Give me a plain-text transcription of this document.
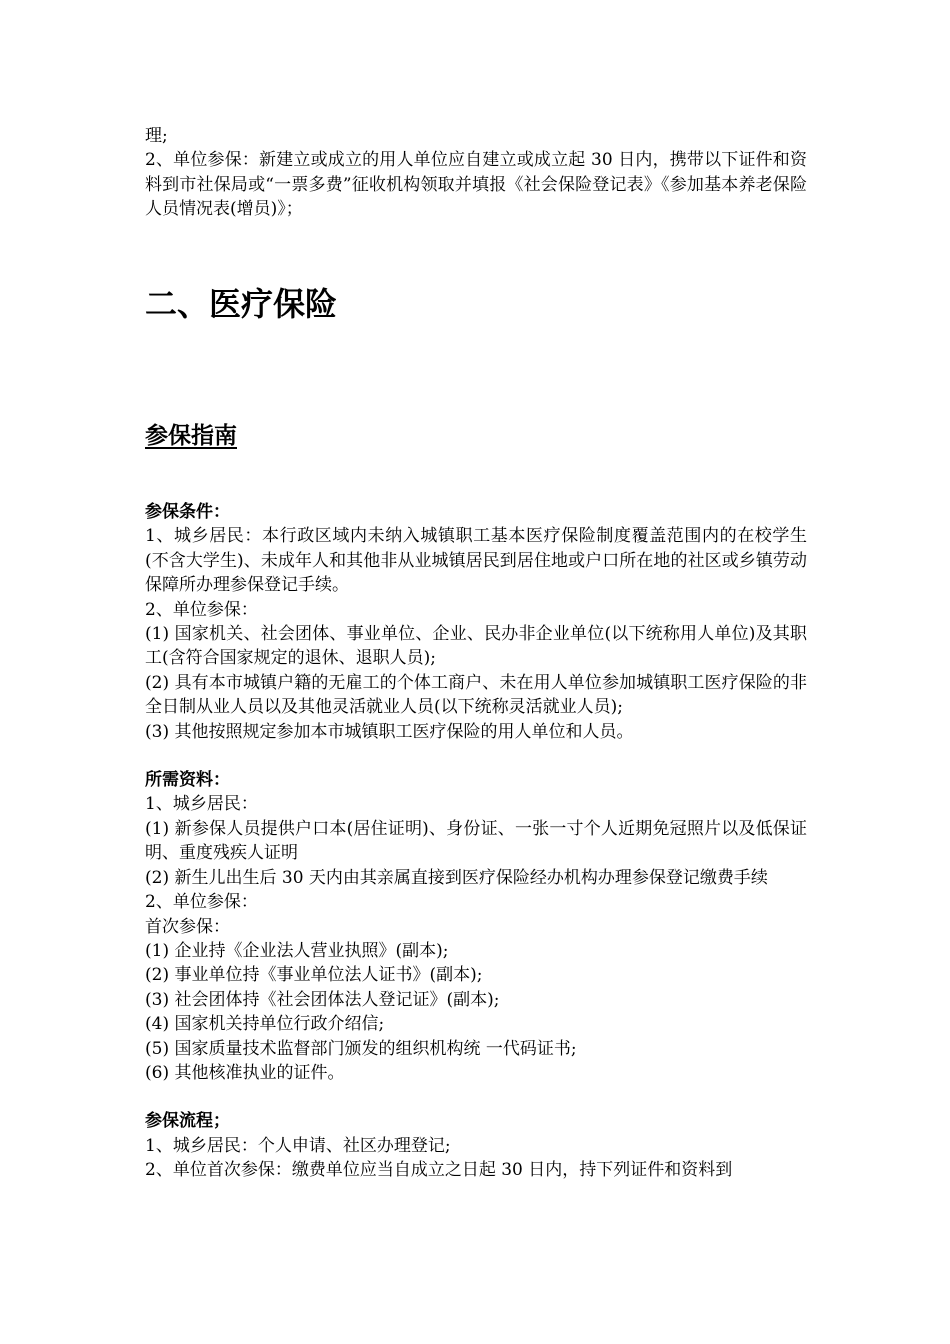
理;

2、单位参保：新建立或成立的用人单位应自建立或成立起 30 日内，携带以下证件和资料到市社保局或“一票多费”征收机构领取并填报《社会保险登记表》《参加基本养老保险人员情况表(增员)》；

二、医疗保险
参保指南

参保条件：

1、城乡居民：本行政区域内未纳入城镇职工基本医疗保险制度覆盖范围内的在校学生(不含大学生)、未成年人和其他非从业城镇居民到居住地或户口所在地的社区或乡镇劳动保障所办理参保登记手续。

2、单位参保：

(1) 国家机关、社会团体、事业单位、企业、民办非企业单位(以下统称用人单位)及其职工(含符合国家规定的退休、退职人员);

(2) 具有本市城镇户籍的无雇工的个体工商户、未在用人单位参加城镇职工医疗保险的非全日制从业人员以及其他灵活就业人员(以下统称灵活就业人员);

(3) 其他按照规定参加本市城镇职工医疗保险的用人单位和人员。

所需资料：

1、城乡居民：

(1) 新参保人员提供户口本(居住证明)、身份证、一张一寸个人近期免冠照片以及低保证明、重度残疾人证明

(2) 新生儿出生后 30 天内由其亲属直接到医疗保险经办机构办理参保登记缴费手续

2、单位参保：

首次参保：

(1) 企业持《企业法人营业执照》(副本);

(2) 事业单位持《事业单位法人证书》(副本);

(3) 社会团体持《社会团体法人登记证》(副本);

(4) 国家机关持单位行政介绍信;

(5) 国家质量技术监督部门颁发的组织机构统 一代码证书;

(6) 其他核准执业的证件。

参保流程；

1、城乡居民：个人申请、社区办理登记;

2、单位首次参保：缴费单位应当自成立之日起 30 日内，持下列证件和资料到
